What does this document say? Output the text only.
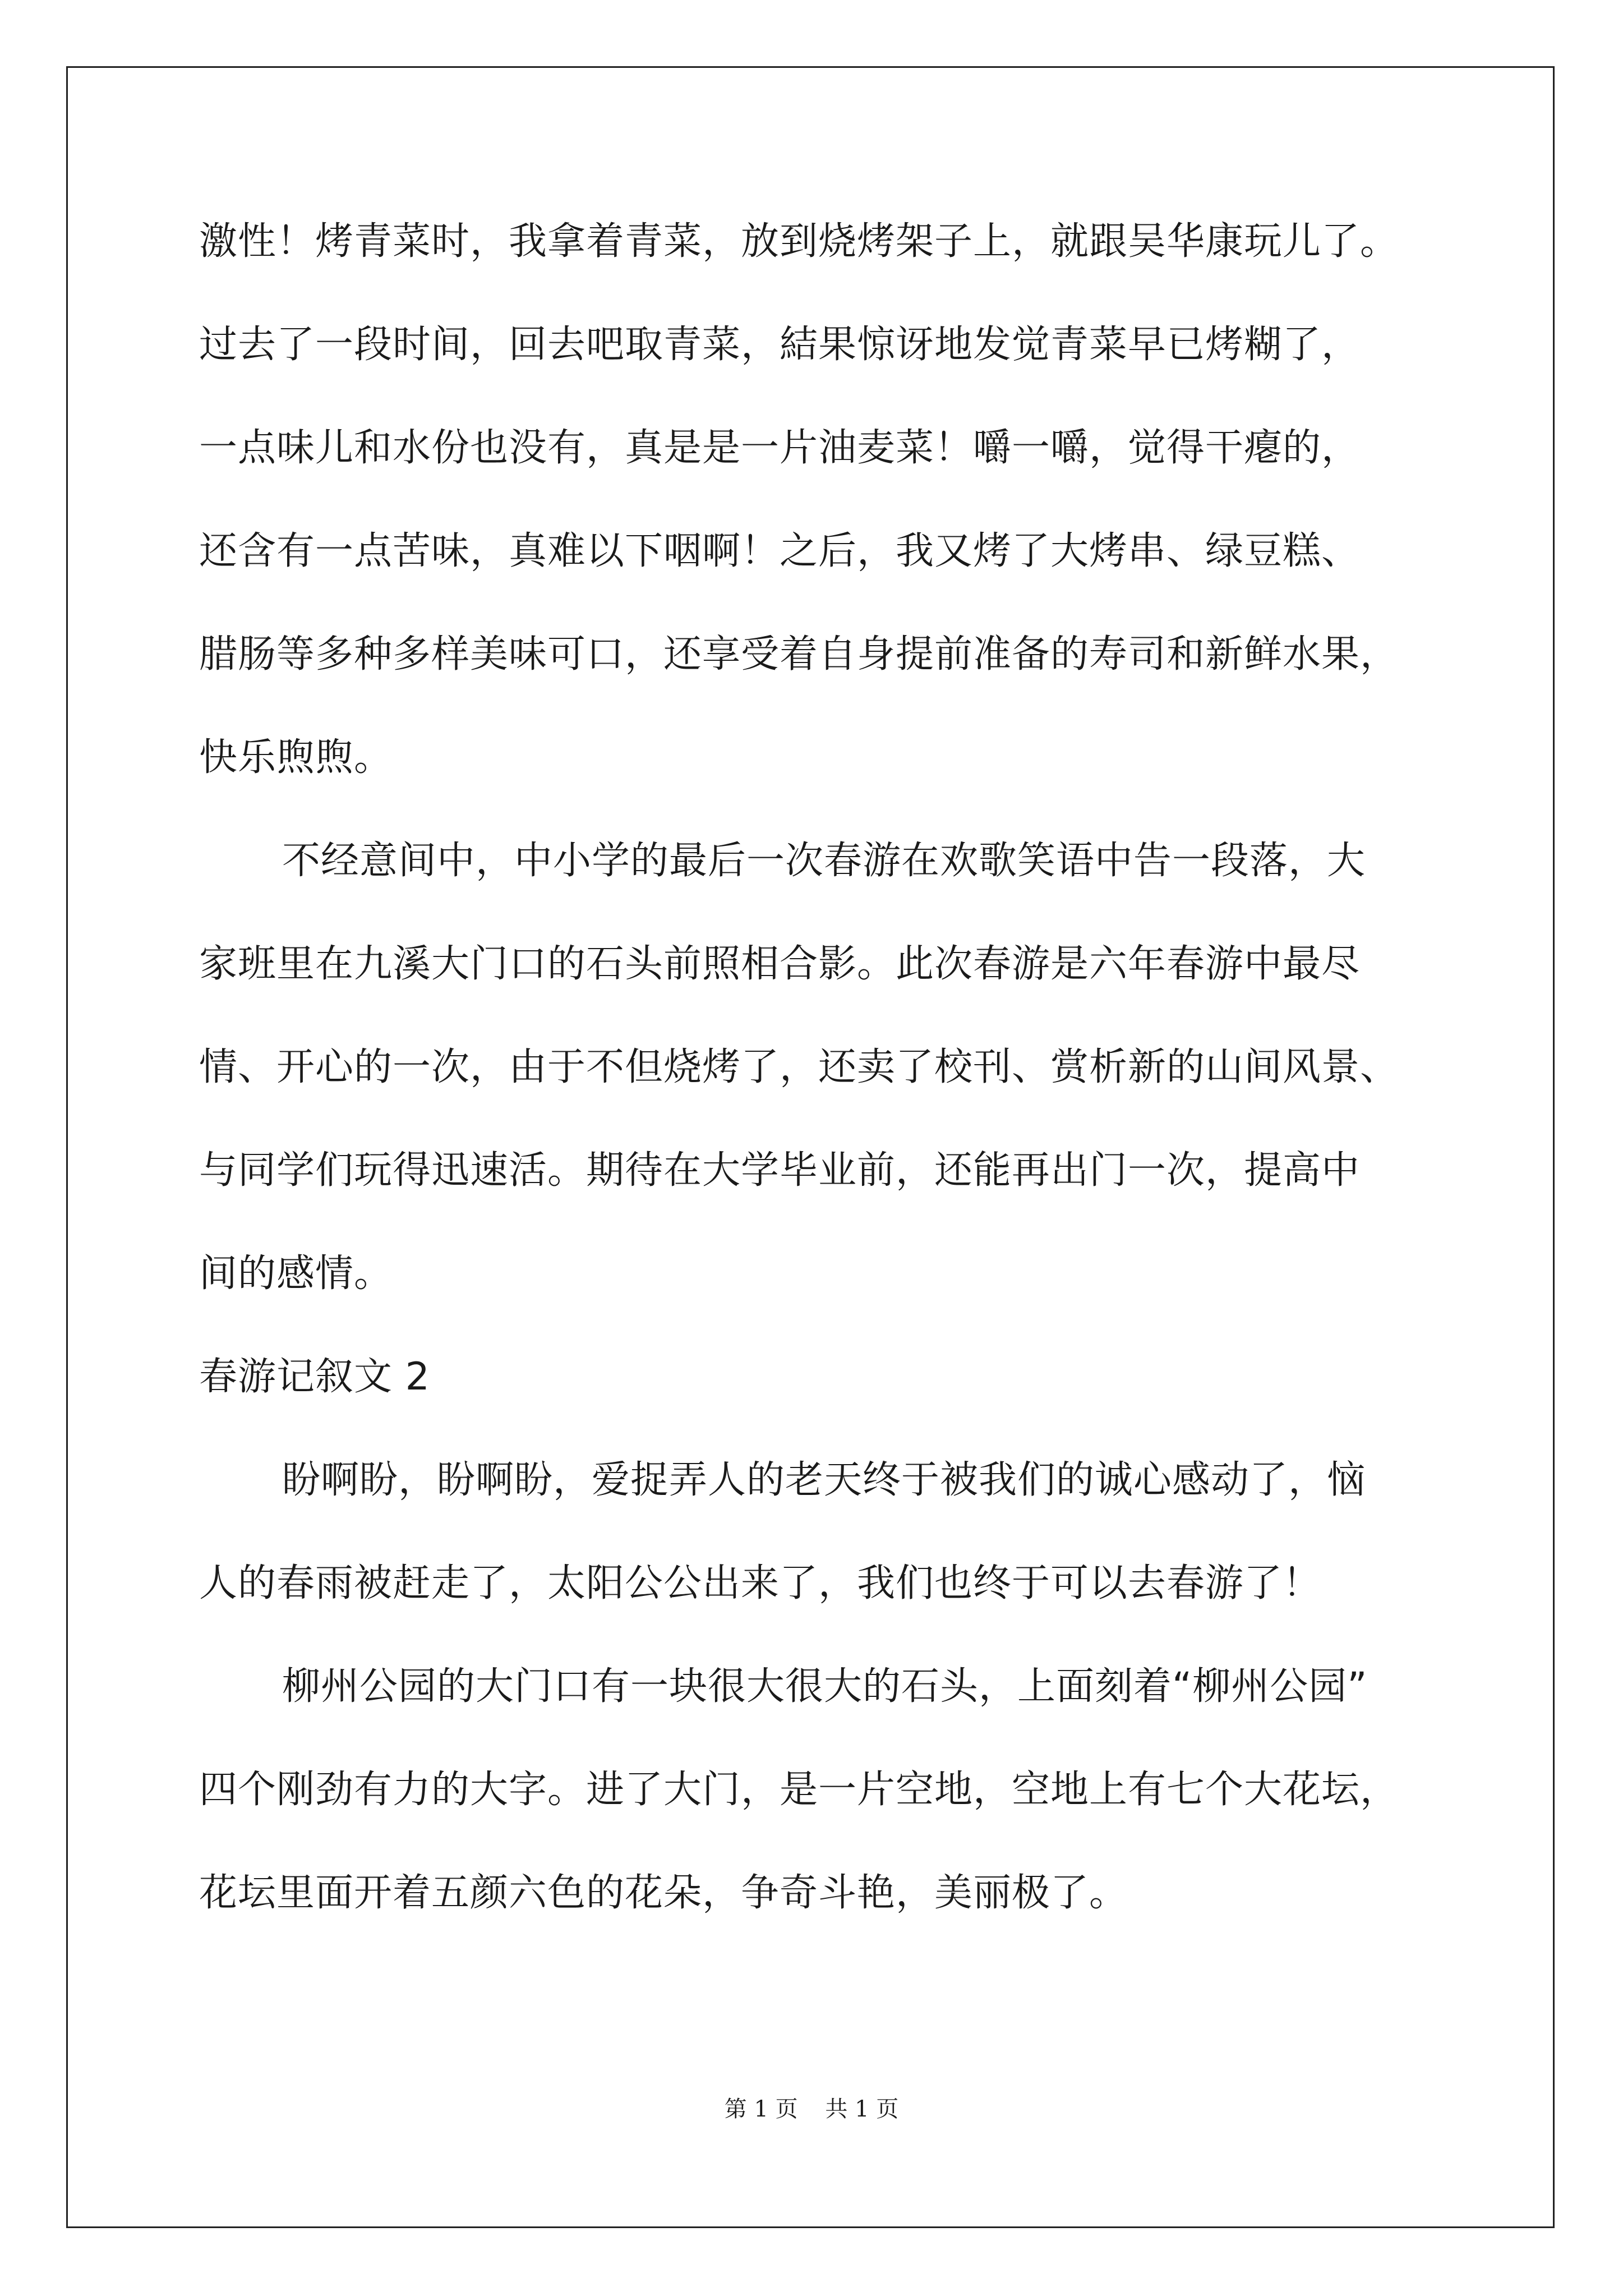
激性！烤青菜时，我拿着青菜，放到烧烤架子上，就跟吴华康玩儿了。
过去了一段时间，回去吧取青菜，結果惊讶地发觉青菜早已烤糊了，
一点味儿和水份也没有，真是是一片油麦菜！嚼一嚼，觉得干瘪的，
还含有一点苦味，真难以下咽啊！之后，我又烤了大烤串、绿豆糕、
腊肠等多种多样美味可口，还享受着自身提前准备的寿司和新鲜水果，
快乐煦煦。
不经意间中，中小学的最后一次春游在欢歌笑语中告一段落，大
家班里在九溪大门口的石头前照相合影。此次春游是六年春游中最尽
情、开心的一次，由于不但烧烤了，还卖了校刊、赏析新的山间风景、
与同学们玩得迅速活。期待在大学毕业前，还能再出门一次，提高中
间的感情。
春游记叙文 2
盼啊盼，盼啊盼，爱捉弄人的老天终于被我们的诚心感动了，恼
人的春雨被赶走了，太阳公公出来了，我们也终于可以去春游了！
柳州公园的大门口有一块很大很大的石头，上面刻着“柳州公园”
四个刚劲有力的大字。进了大门，是一片空地，空地上有七个大花坛，
花坛里面开着五颜六色的花朵，争奇斗艳，美丽极了。
第 1 页 共 1 页
